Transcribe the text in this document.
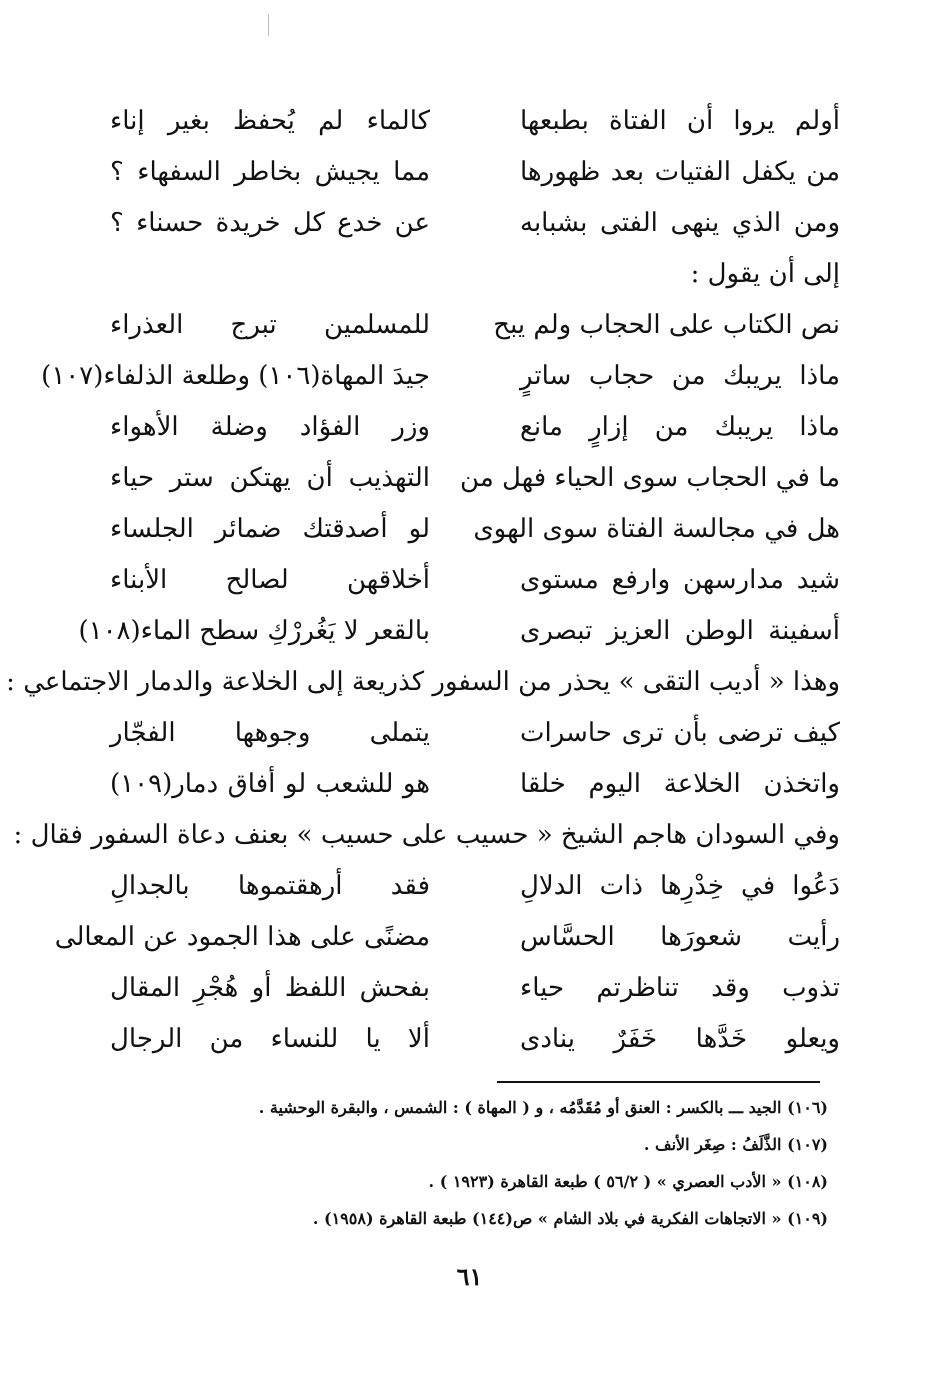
أولم يروا أن الفتاة بطبعها
كالماء لم يُحفظ بغير إناء
من يكفل الفتيات بعد ظهورها
مما يجيش بخاطر السفهاء ؟
ومن الذي ينهى الفتى بشبابه
عن خدع كل خريدة حسناء ؟
إلى أن يقول :
نص الكتاب على الحجاب ولم يبح
للمسلمين تبرج العذراء
ماذا يريبك من حجاب ساترٍ
جيدَ المهاة(١٠٦) وطلعة الذلفاء(١٠٧)
ماذا يريبك من إزارٍ مانع
وزر الفؤاد وضلة الأهواء
ما في الحجاب سوى الحياء فهل من
التهذيب أن يهتكن ستر حياء
هل في مجالسة الفتاة سوى الهوى
لو أصدقتك ضمائر الجلساء
شيد مدارسهن وارفع مستوى
أخلاقهن لصالح الأبناء
أسفينة الوطن العزيز تبصرى
بالقعر لا يَغُررْكِ سطح الماء(١٠٨)
وهذا « أديب التقى » يحذر من السفور كذريعة إلى الخلاعة والدمار الاجتماعي :
كيف ترضى بأن ترى حاسرات
يتملى وجوهها الفجّار
واتخذن الخلاعة اليوم خلقا
هو للشعب لو أفاق دمار(١٠٩)
وفي السودان هاجم الشيخ « حسيب على حسيب » بعنف دعاة السفور فقال :
دَعُوا في خِدْرِها ذات الدلالِ
فقد أرهقتموها بالجدالِ
رأيت شعورَها الحسَّاس
مضنًى على هذا الجمود عن المعالى
تذوب وقد تناظرتم حياء
بفحش اللفظ أو هُجْرِ المقال
ويعلو خَدَّها خَفَرٌ ينادى
ألا يا للنساء من الرجال
(١٠٦) الجيد ـــ بالكسر : العنق أو مُقَدَّمُه ، و ( المهاة ) : الشمس ، والبقرة الوحشية .
(١٠٧) الذَّلَفُ : صِغَر الأنف .
(١٠٨) « الأدب العصري » ( ٥٦/٢ ) طبعة القاهرة (١٩٢٣ ) .
(١٠٩) « الاتجاهات الفكرية في بلاد الشام » ص(١٤٤) طبعة القاهرة (١٩٥٨) .
٦١
